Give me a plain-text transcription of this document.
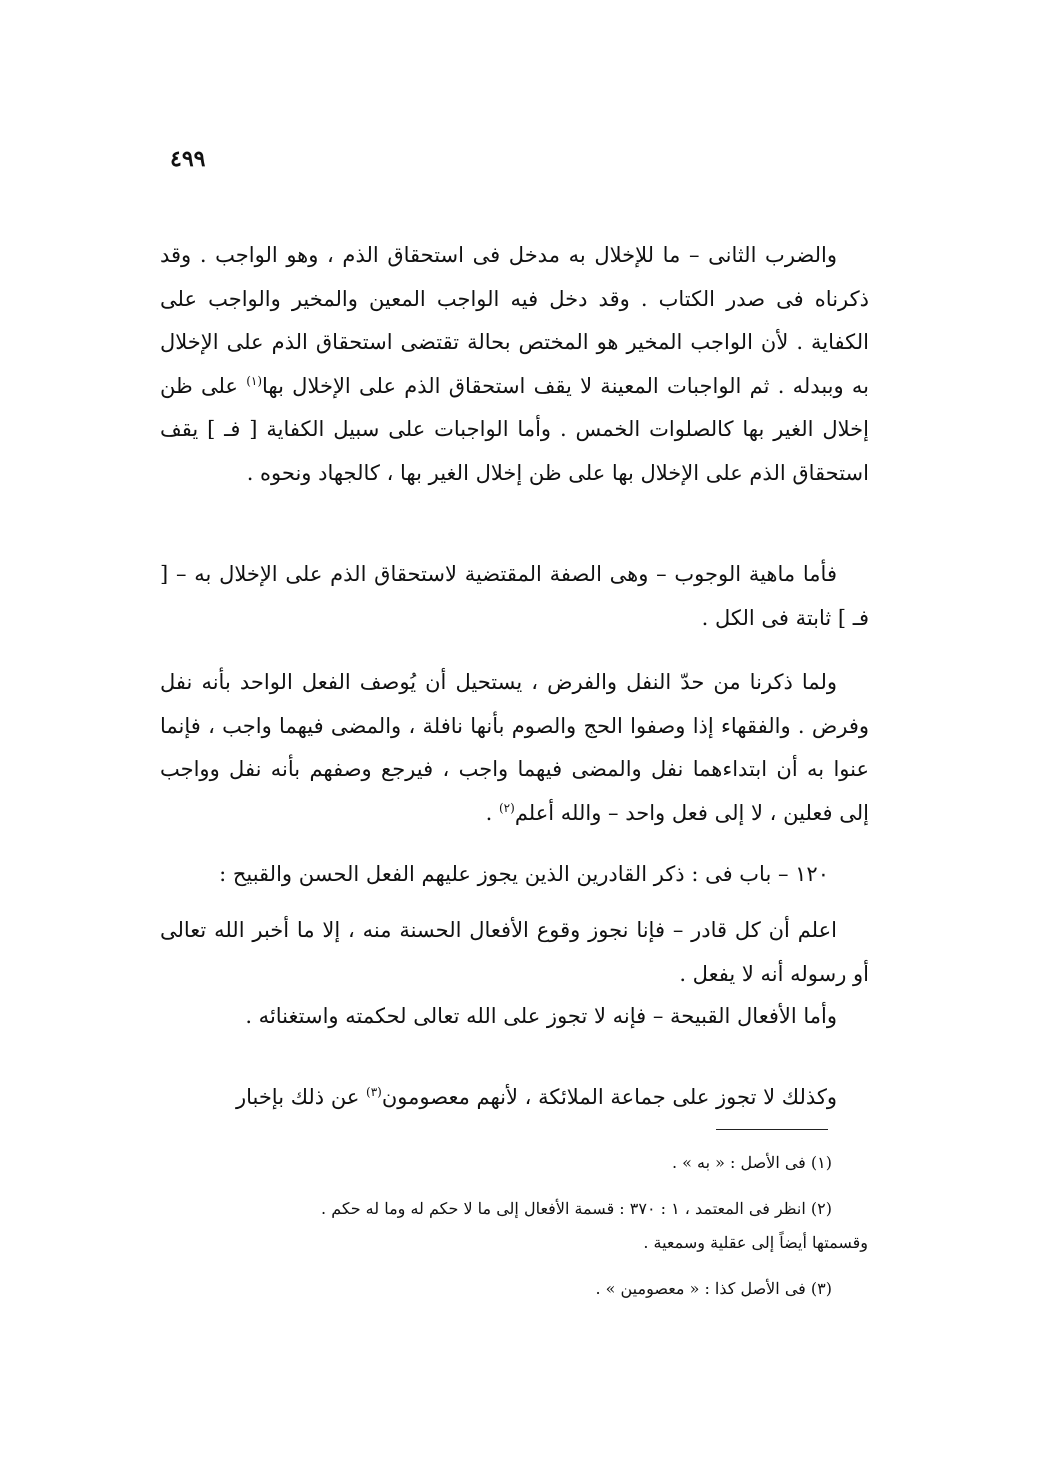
٤٩٩

والضرب الثانى – ما للإخلال به مدخل فى استحقاق الذم ، وهو الواجب . وقد ذكرناه فى صدر الكتاب . وقد دخل فيه الواجب المعين والمخير والواجب على الكفاية . لأن الواجب المخير هو المختص بحالة تقتضى استحقاق الذم على الإخلال به وببدله . ثم الواجبات المعينة لا يقف استحقاق الذم على الإخلال بها$^{(١)}$ على ظن إخلال الغير بها كالصلوات الخمس . وأما الواجبات على سبيل الكفاية [ فـ ] يقف استحقاق الذم على الإخلال بها على ظن إخلال الغير بها ، كالجهاد ونحوه .

فأما ماهية الوجوب – وهى الصفة المقتضية لاستحقاق الذم على الإخلال به – [ فـ ] ثابتة فى الكل .

ولما ذكرنا من حدّ النفل والفرض ، يستحيل أن يُوصف الفعل الواحد بأنه نفل وفرض . والفقهاء إذا وصفوا الحج والصوم بأنها نافلة ، والمضى فيهما واجب ، فإنما عنوا به أن ابتداءهما نفل والمضى فيهما واجب ، فيرجع وصفهم بأنه نفل وواجب إلى فعلين ، لا إلى فعل واحد – والله أعلم$^{(٢)}$ .

١٢٠ – باب فى : ذكر القادرين الذين يجوز عليهم الفعل الحسن والقبيح :

اعلم أن كل قادر – فإنا نجوز وقوع الأفعال الحسنة منه ، إلا ما أخبر الله تعالى أو رسوله أنه لا يفعل .

وأما الأفعال القبيحة – فإنه لا تجوز على الله تعالى لحكمته واستغنائه .

وكذلك لا تجوز على جماعة الملائكة ، لأنهم معصومون$^{(٣)}$ عن ذلك بإخبار

(١) فى الأصل : « به » .

(٢) انظر فى المعتمد ، ١ : ٣٧٠ : قسمة الأفعال إلى ما لا حكم له وما له حكم .

وقسمتها أيضاً إلى عقلية وسمعية .

(٣) فى الأصل كذا : « معصومين » .
